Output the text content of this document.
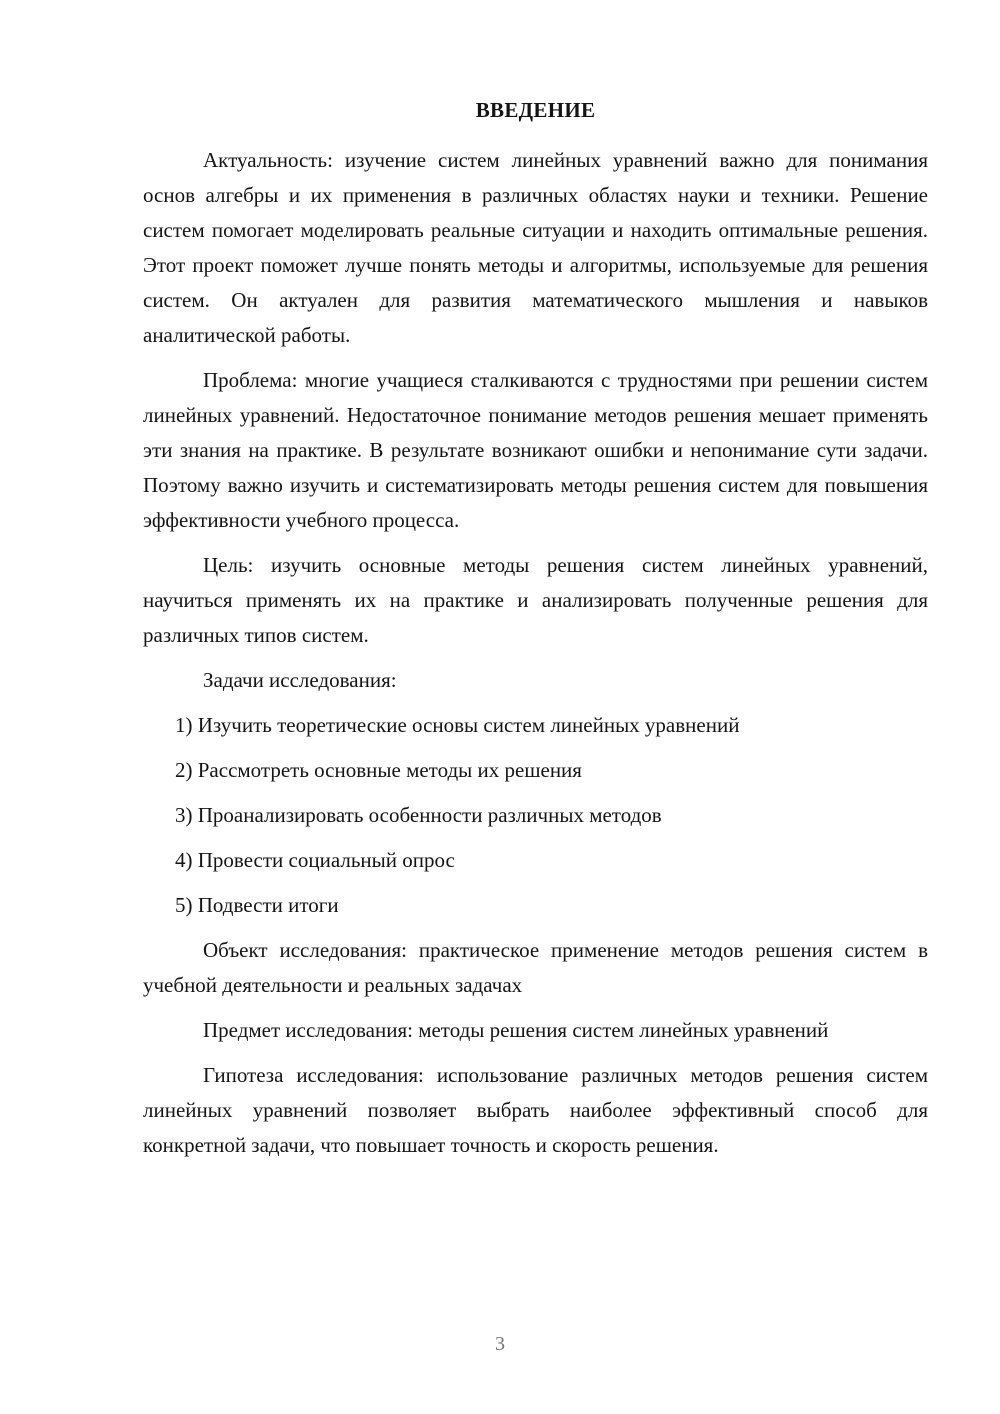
ВВЕДЕНИЕ

Актуальность: изучение систем линейных уравнений важно для понимания основ алгебры и их применения в различных областях науки и техники. Решение систем помогает моделировать реальные ситуации и находить оптимальные решения. Этот проект поможет лучше понять методы и алгоритмы, используемые для решения систем. Он актуален для развития математического мышления и навыков аналитической работы.

Проблема: многие учащиеся сталкиваются с трудностями при решении систем линейных уравнений. Недостаточное понимание методов решения мешает применять эти знания на практике. В результате возникают ошибки и непонимание сути задачи. Поэтому важно изучить и систематизировать методы решения систем для повышения эффективности учебного процесса.

Цель: изучить основные методы решения систем линейных уравнений, научиться применять их на практике и анализировать полученные решения для различных типов систем.

Задачи исследования:

1) Изучить теоретические основы систем линейных уравнений

2) Рассмотреть основные методы их решения

3) Проанализировать особенности различных методов

4) Провести социальный опрос

5) Подвести итоги

Объект исследования: практическое применение методов решения систем в учебной деятельности и реальных задачах

Предмет исследования: методы решения систем линейных уравнений

Гипотеза исследования: использование различных методов решения систем линейных уравнений позволяет выбрать наиболее эффективный способ для конкретной задачи, что повышает точность и скорость решения.

3
